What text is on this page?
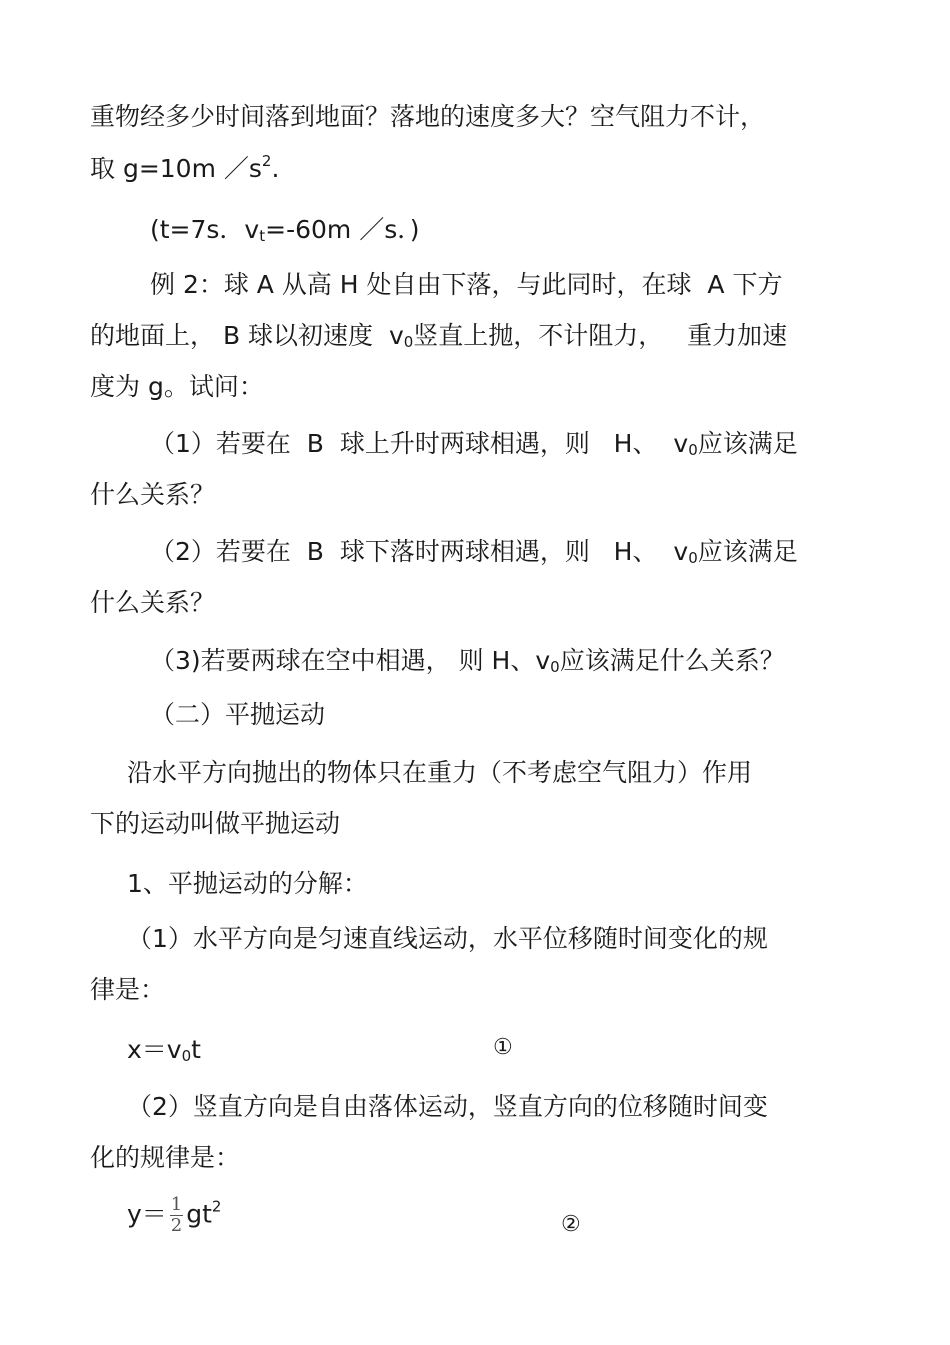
重物经多少时间落到地面？落地的速度多大？空气阻力不计，
取 g=10m $/s^2$.
(t=7s．$v_t=-60m$ ／s．)
例 2：球 A 从高 H 处自由下落，与此同时，在球  A 下方
的地面上， B 球以初速度  $v_0$竖直上抛，不计阻力，   重力加速
度为 g。试问：
（1）若要在  B  球上升时两球相遇，则   H、  $v_0$应该满足
什么关系？
（2）若要在  B  球下落时两球相遇，则   H、  $v_0$应该满足
什么关系？
（3)若要两球在空中相遇， 则 H、$v_0$应该满足什么关系？
（二）平抛运动
沿水平方向抛出的物体只在重力（不考虑空气阻力）作用
下的运动叫做平抛运动
1、平抛运动的分解：
（1）水平方向是匀速直线运动，水平位移随时间变化的规
律是：
$x=v_0t$	①
（2）竖直方向是自由落体运动，竖直方向的位移随时间变
化的规律是：
$y= \frac{1}{2} gt^2$
②
